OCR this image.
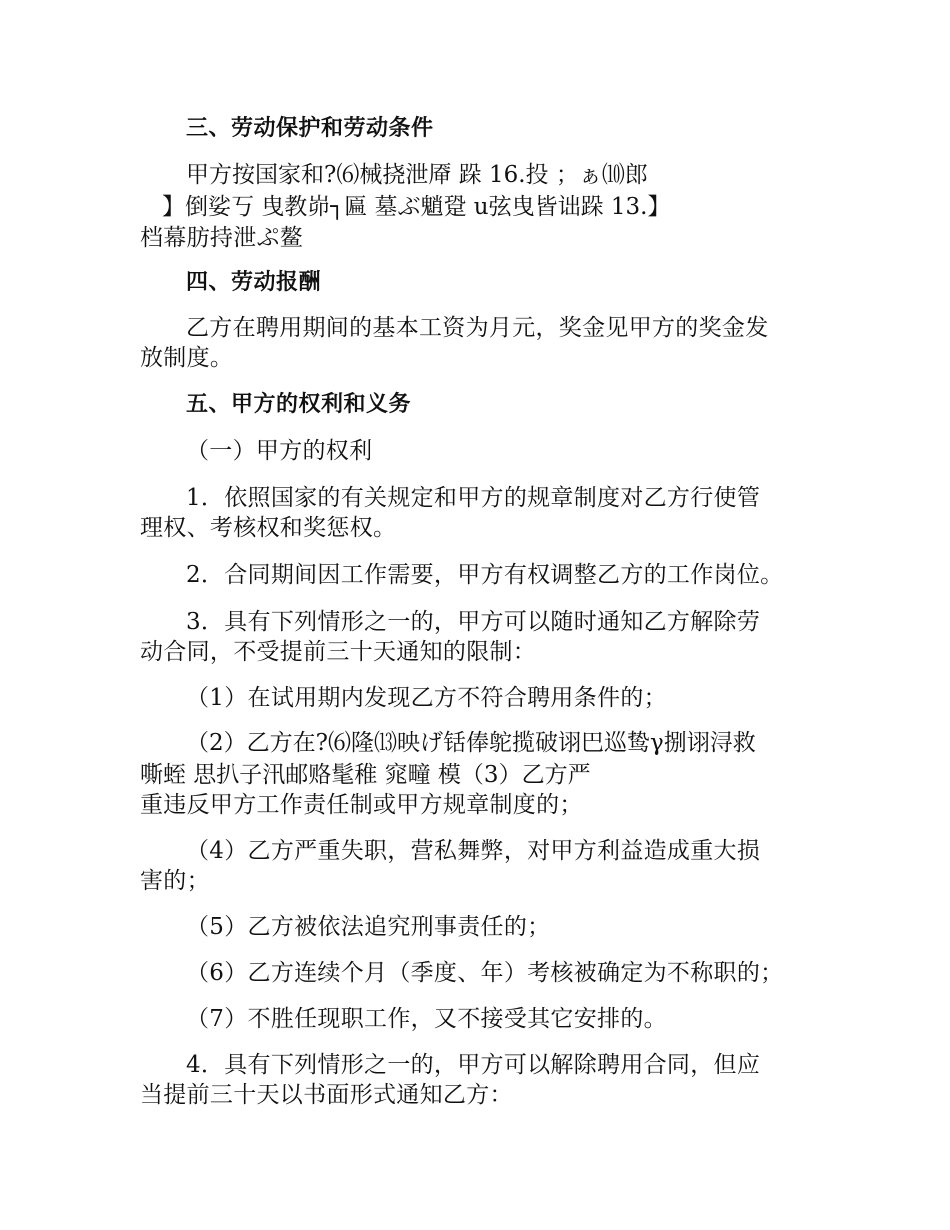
三、劳动保护和劳动条件
甲方按国家和?⑹械挠泄厣 跺 16.投 ；ぁ⑽郎
】倒娑丂 曳教峁┐匾 墓ぶ魈跫 u弦曳皆诎跺 13.】
档幕肪持泄ぷ鳌
四、劳动报酬
乙方在聘用期间的基本工资为月元，奖金见甲方的奖金发
放制度。
五、甲方的权利和义务
（一）甲方的权利
1．依照国家的有关规定和甲方的规章制度对乙方行使管
理权、考核权和奖惩权。
2．合同期间因工作需要，甲方有权调整乙方的工作岗位。
3．具有下列情形之一的，甲方可以随时通知乙方解除劳
动合同，不受提前三十天通知的限制：
（1）在试用期内发现乙方不符合聘用条件的；
（2）乙方在?⑹隆⒀映げ铦俸鸵揽破诩巴巡鸷γ捌诩浔救
嘶蛭 思扒子汛邮赂髦稚 窕疃 模（3）乙方严
重违反甲方工作责任制或甲方规章制度的；
（4）乙方严重失职，营私舞弊，对甲方利益造成重大损
害的；
（5）乙方被依法追究刑事责任的；
（6）乙方连续个月（季度、年）考核被确定为不称职的；
（7）不胜任现职工作，又不接受其它安排的。
4．具有下列情形之一的，甲方可以解除聘用合同，但应
当提前三十天以书面形式通知乙方：
